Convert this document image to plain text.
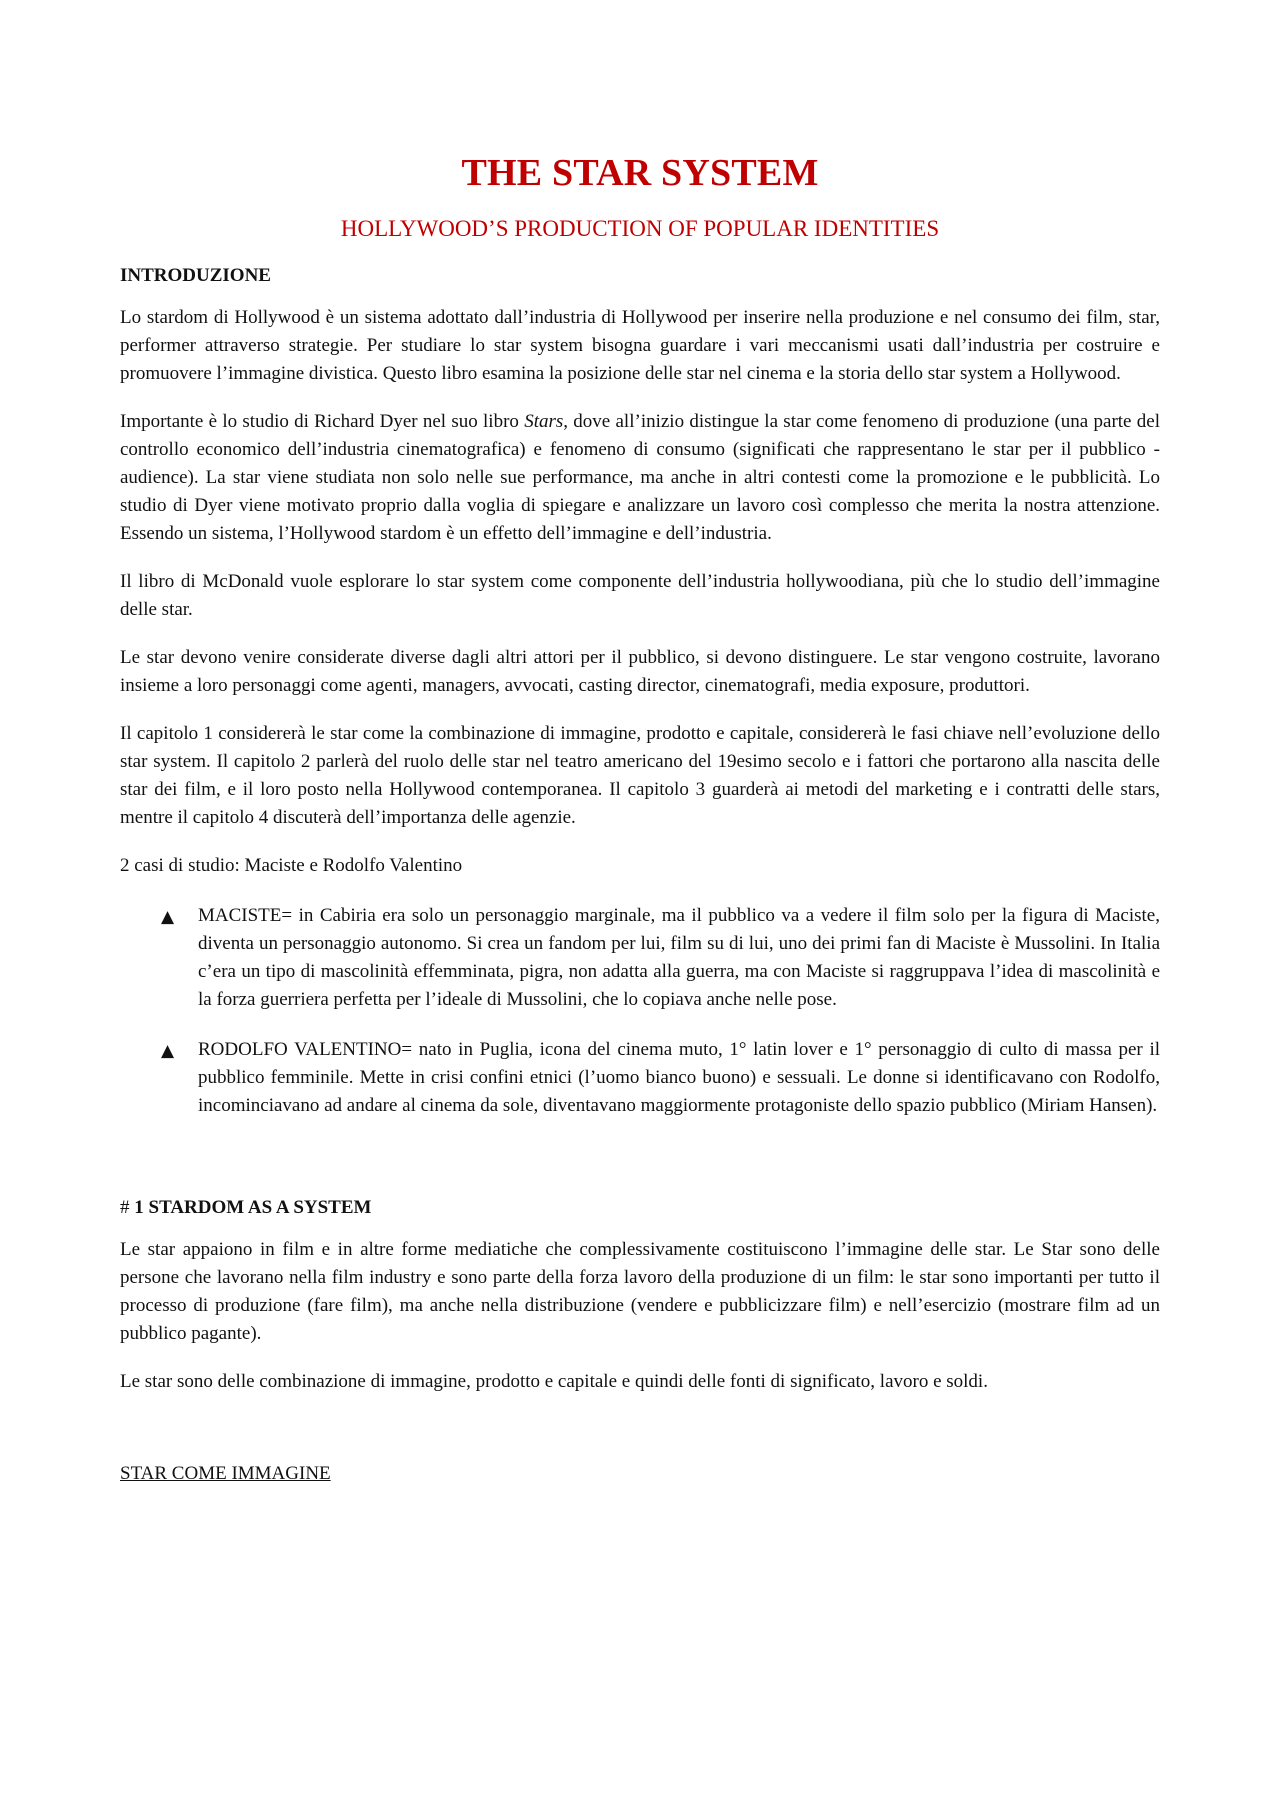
THE STAR SYSTEM
HOLLYWOOD’S PRODUCTION OF POPULAR IDENTITIES
INTRODUZIONE

Lo stardom di Hollywood è un sistema adottato dall’industria di Hollywood per inserire nella produzione e nel consumo dei film, star, performer attraverso strategie. Per studiare lo star system bisogna guardare i vari meccanismi usati dall’industria per costruire e promuovere l’immagine divistica. Questo libro esamina la posizione delle star nel cinema e la storia dello star system a Hollywood.

Importante è lo studio di Richard Dyer nel suo libro Stars, dove all’inizio distingue la star come fenomeno di produzione (una parte del controllo economico dell’industria cinematografica) e fenomeno di consumo (significati che rappresentano le star per il pubblico - audience). La star viene studiata non solo nelle sue performance, ma anche in altri contesti come la promozione e le pubblicità. Lo studio di Dyer viene motivato proprio dalla voglia di spiegare e analizzare un lavoro così complesso che merita la nostra attenzione. Essendo un sistema, l’Hollywood stardom è un effetto dell’immagine e dell’industria.

Il libro di McDonald vuole esplorare lo star system come componente dell’industria hollywoodiana, più che lo studio dell’immagine delle star.

Le star devono venire considerate diverse dagli altri attori per il pubblico, si devono distinguere. Le star vengono costruite, lavorano insieme a loro personaggi come agenti, managers, avvocati, casting director, cinematografi, media exposure, produttori.

Il capitolo 1 considererà le star come la combinazione di immagine, prodotto e capitale, considererà le fasi chiave nell’evoluzione dello star system. Il capitolo 2 parlerà del ruolo delle star nel teatro americano del 19esimo secolo e i fattori che portarono alla nascita delle star dei film, e il loro posto nella Hollywood contemporanea. Il capitolo 3 guarderà ai metodi del marketing e i contratti delle stars, mentre il capitolo 4 discuterà dell’importanza delle agenzie.

2 casi di studio: Maciste e Rodolfo Valentino
▲ MACISTE= in Cabiria era solo un personaggio marginale, ma il pubblico va a vedere il film solo per la figura di Maciste, diventa un personaggio autonomo. Si crea un fandom per lui, film su di lui, uno dei primi fan di Maciste è Mussolini. In Italia c’era un tipo di mascolinità effemminata, pigra, non adatta alla guerra, ma con Maciste si raggruppava l’idea di mascolinità e la forza guerriera perfetta per l’ideale di Mussolini, che lo copiava anche nelle pose.
▲ RODOLFO VALENTINO= nato in Puglia, icona del cinema muto, 1° latin lover e 1° personaggio di culto di massa per il pubblico femminile. Mette in crisi confini etnici (l’uomo bianco buono) e sessuali. Le donne si identificavano con Rodolfo, incominciavano ad andare al cinema da sole, diventavano maggiormente protagoniste dello spazio pubblico (Miriam Hansen).
# 1 STARDOM AS A SYSTEM

Le star appaiono in film e in altre forme mediatiche che complessivamente costituiscono l’immagine delle star. Le Star sono delle persone che lavorano nella film industry e sono parte della forza lavoro della produzione di un film: le star sono importanti per tutto il processo di produzione (fare film), ma anche nella distribuzione (vendere e pubblicizzare film) e nell’esercizio (mostrare film ad un pubblico pagante).

Le star sono delle combinazione di immagine, prodotto e capitale e quindi delle fonti di significato, lavoro e soldi.

STAR COME IMMAGINE
